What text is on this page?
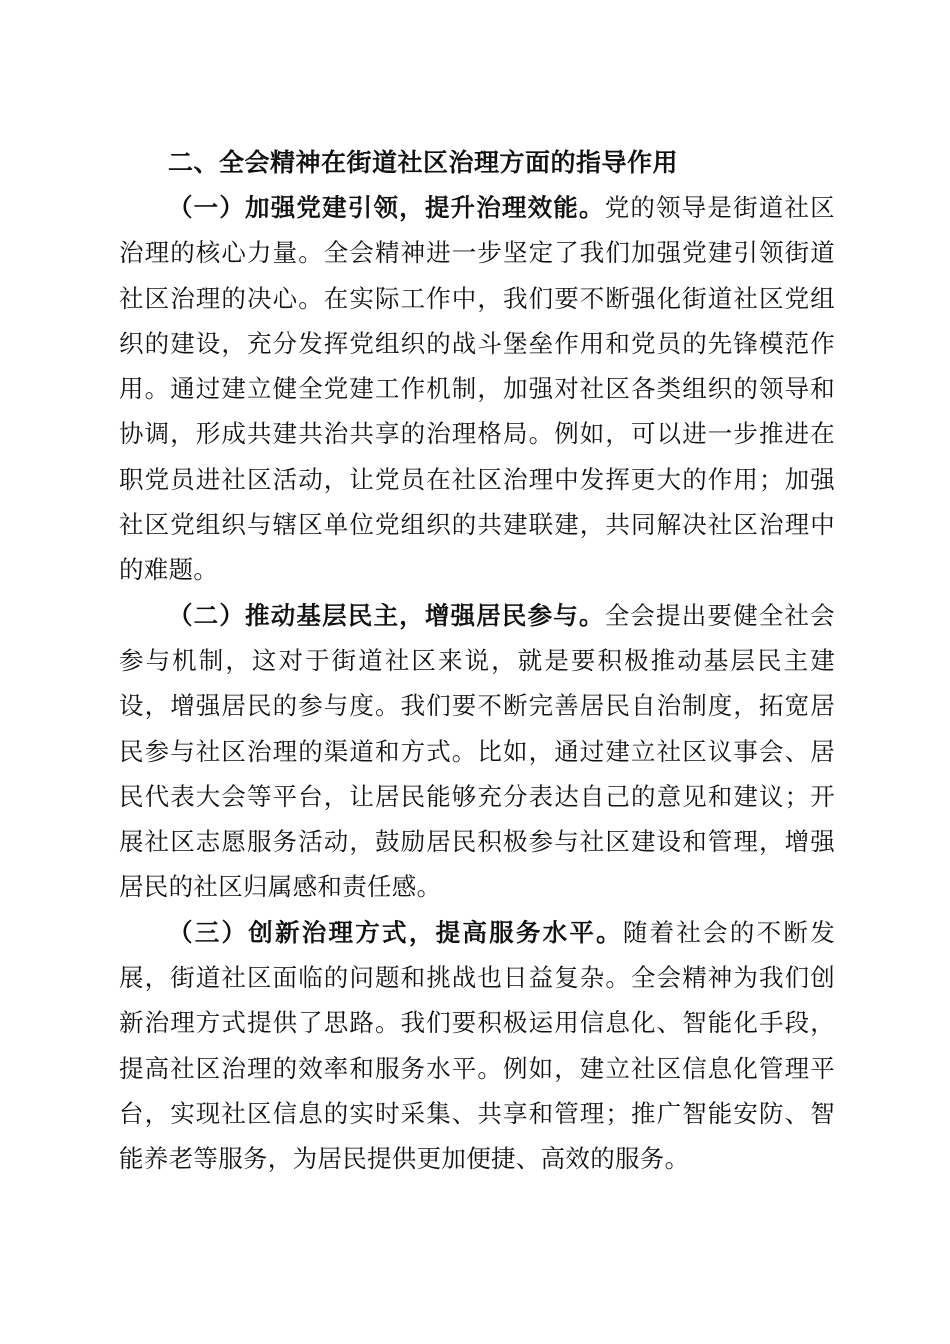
二、全会精神在街道社区治理方面的指导作用

（一）加强党建引领，提升治理效能。党的领导是街道社区治理的核心力量。全会精神进一步坚定了我们加强党建引领街道社区治理的决心。在实际工作中，我们要不断强化街道社区党组织的建设，充分发挥党组织的战斗堡垒作用和党员的先锋模范作用。通过建立健全党建工作机制，加强对社区各类组织的领导和协调，形成共建共治共享的治理格局。例如，可以进一步推进在职党员进社区活动，让党员在社区治理中发挥更大的作用；加强社区党组织与辖区单位党组织的共建联建，共同解决社区治理中的难题。

（二）推动基层民主，增强居民参与。全会提出要健全社会参与机制，这对于街道社区来说，就是要积极推动基层民主建设，增强居民的参与度。我们要不断完善居民自治制度，拓宽居民参与社区治理的渠道和方式。比如，通过建立社区议事会、居民代表大会等平台，让居民能够充分表达自己的意见和建议；开展社区志愿服务活动，鼓励居民积极参与社区建设和管理，增强居民的社区归属感和责任感。

（三）创新治理方式，提高服务水平。随着社会的不断发展，街道社区面临的问题和挑战也日益复杂。全会精神为我们创新治理方式提供了思路。我们要积极运用信息化、智能化手段，提高社区治理的效率和服务水平。例如，建立社区信息化管理平台，实现社区信息的实时采集、共享和管理；推广智能安防、智能养老等服务，为居民提供更加便捷、高效的服务。
